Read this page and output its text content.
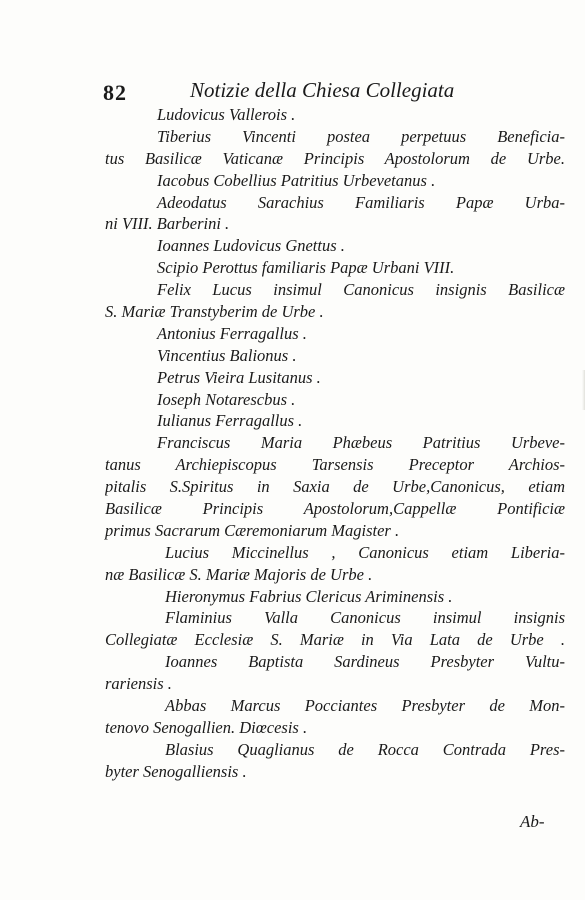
82	Notizie della Chiesa Collegiata
Ludovicus Vallerois .
Tiberius Vincenti postea perpetuus Beneficia-
tus Basilicæ Vaticanæ Principis Apostolorum de Urbe.
Iacobus Cobellius Patritius Urbevetanus .
Adeodatus Sarachius Familiaris Papæ Urba-
ni VIII. Barberini .
Ioannes Ludovicus Gnettus .
Scipio Perottus familiaris Papæ Urbani VIII.
Felix Lucus insimul Canonicus insignis Basilicæ
S. Mariæ Transtyberim de Urbe .
Antonius Ferragallus .
Vincentius Balionus .
Petrus Vieira Lusitanus .
Ioseph Notarescbus .
Iulianus Ferragallus .
Franciscus Maria Phæbeus Patritius Urbeve-
tanus Archiepiscopus Tarsensis Preceptor Archios-
pitalis S.Spiritus in Saxia de Urbe,Canonicus, etiam
Basilicæ Principis Apostolorum,Cappellæ Pontificiæ
primus Sacrarum Cæremoniarum Magister .
Lucius Miccinellus , Canonicus etiam Liberia-
næ Basilicæ S. Mariæ Majoris de Urbe .
Hieronymus Fabrius Clericus Ariminensis .
Flaminius Valla Canonicus insimul insignis
Collegiatæ Ecclesiæ S. Mariæ in Via Lata de Urbe .
Ioannes Baptista Sardineus Presbyter Vultu-
rariensis .
Abbas Marcus Pocciantes Presbyter de Mon-
tenovo Senogallien. Diœcesis .
Blasius Quaglianus de Rocca Contrada Pres-
byter Senogalliensis .
Ab-
